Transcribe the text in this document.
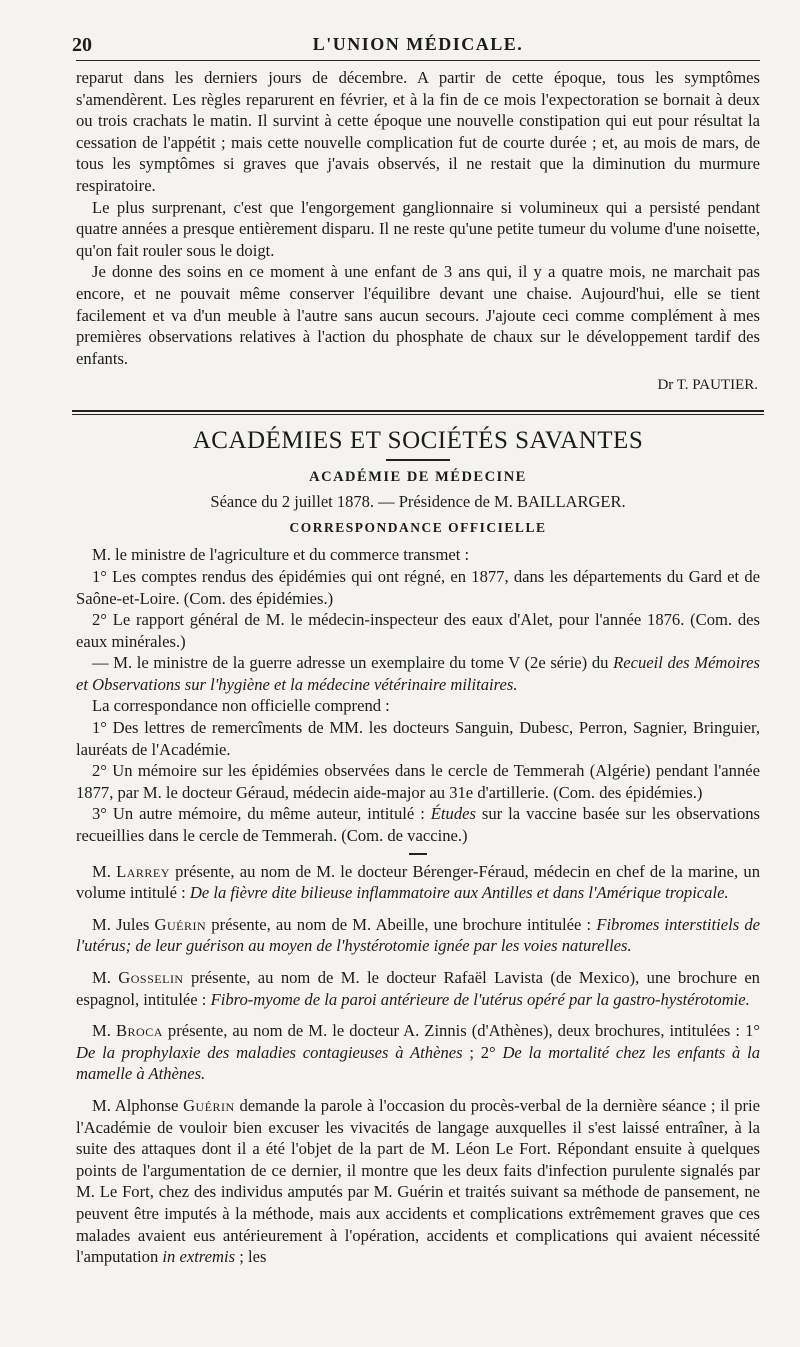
20	L'UNION MÉDICALE.

reparut dans les derniers jours de décembre. A partir de cette époque, tous les symptômes s'amendèrent. Les règles reparurent en février, et à la fin de ce mois l'expectoration se bornait à deux ou trois crachats le matin. Il survint à cette époque une nouvelle constipation qui eut pour résultat la cessation de l'appétit ; mais cette nouvelle complication fut de courte durée ; et, au mois de mars, de tous les symptômes si graves que j'avais observés, il ne restait que la diminution du murmure respiratoire.

Le plus surprenant, c'est que l'engorgement ganglionnaire si volumineux qui a persisté pendant quatre années a presque entièrement disparu. Il ne reste qu'une petite tumeur du volume d'une noisette, qu'on fait rouler sous le doigt.

Je donne des soins en ce moment à une enfant de 3 ans qui, il y a quatre mois, ne marchait pas encore, et ne pouvait même conserver l'équilibre devant une chaise. Aujourd'hui, elle se tient facilement et va d'un meuble à l'autre sans aucun secours. J'ajoute ceci comme complément à mes premières observations relatives à l'action du phosphate de chaux sur le développement tardif des enfants.

Dr T. PAUTIER.
ACADÉMIES ET SOCIÉTÉS SAVANTES
ACADÉMIE DE MÉDECINE
Séance du 2 juillet 1878. — Présidence de M. BAILLARGER.
CORRESPONDANCE OFFICIELLE

M. le ministre de l'agriculture et du commerce transmet :

1° Les comptes rendus des épidémies qui ont régné, en 1877, dans les départements du Gard et de Saône-et-Loire. (Com. des épidémies.)

2° Le rapport général de M. le médecin-inspecteur des eaux d'Alet, pour l'année 1876. (Com. des eaux minérales.)

— M. le ministre de la guerre adresse un exemplaire du tome V (2e série) du Recueil des Mémoires et Observations sur l'hygiène et la médecine vétérinaire militaires.

La correspondance non officielle comprend :

1° Des lettres de remercîments de MM. les docteurs Sanguin, Dubesc, Perron, Sagnier, Bringuier, lauréats de l'Académie.

2° Un mémoire sur les épidémies observées dans le cercle de Temmerah (Algérie) pendant l'année 1877, par M. le docteur Géraud, médecin aide-major au 31e d'artillerie. (Com. des épidémies.)

3° Un autre mémoire, du même auteur, intitulé : Études sur la vaccine basée sur les observations recueillies dans le cercle de Temmerah. (Com. de vaccine.)

M. Larrey présente, au nom de M. le docteur Bérenger-Féraud, médecin en chef de la marine, un volume intitulé : De la fièvre dite bilieuse inflammatoire aux Antilles et dans l'Amérique tropicale.

M. Jules Guérin présente, au nom de M. Abeille, une brochure intitulée : Fibromes interstitiels de l'utérus; de leur guérison au moyen de l'hystérotomie ignée par les voies naturelles.

M. Gosselin présente, au nom de M. le docteur Rafaël Lavista (de Mexico), une brochure en espagnol, intitulée : Fibro-myome de la paroi antérieure de l'utérus opéré par la gastro-hystérotomie.

M. Broca présente, au nom de M. le docteur A. Zinnis (d'Athènes), deux brochures, intitulées : 1° De la prophylaxie des maladies contagieuses à Athènes ; 2° De la mortalité chez les enfants à la mamelle à Athènes.

M. Alphonse Guérin demande la parole à l'occasion du procès-verbal de la dernière séance ; il prie l'Académie de vouloir bien excuser les vivacités de langage auxquelles il s'est laissé entraîner, à la suite des attaques dont il a été l'objet de la part de M. Léon Le Fort. Répondant ensuite à quelques points de l'argumentation de ce dernier, il montre que les deux faits d'infection purulente signalés par M. Le Fort, chez des individus amputés par M. Guérin et traités suivant sa méthode de pansement, ne peuvent être imputés à la méthode, mais aux accidents et complications extrêmement graves que ces malades avaient eus antérieurement à l'opération, accidents et complications qui avaient nécessité l'amputation in extremis ; les
